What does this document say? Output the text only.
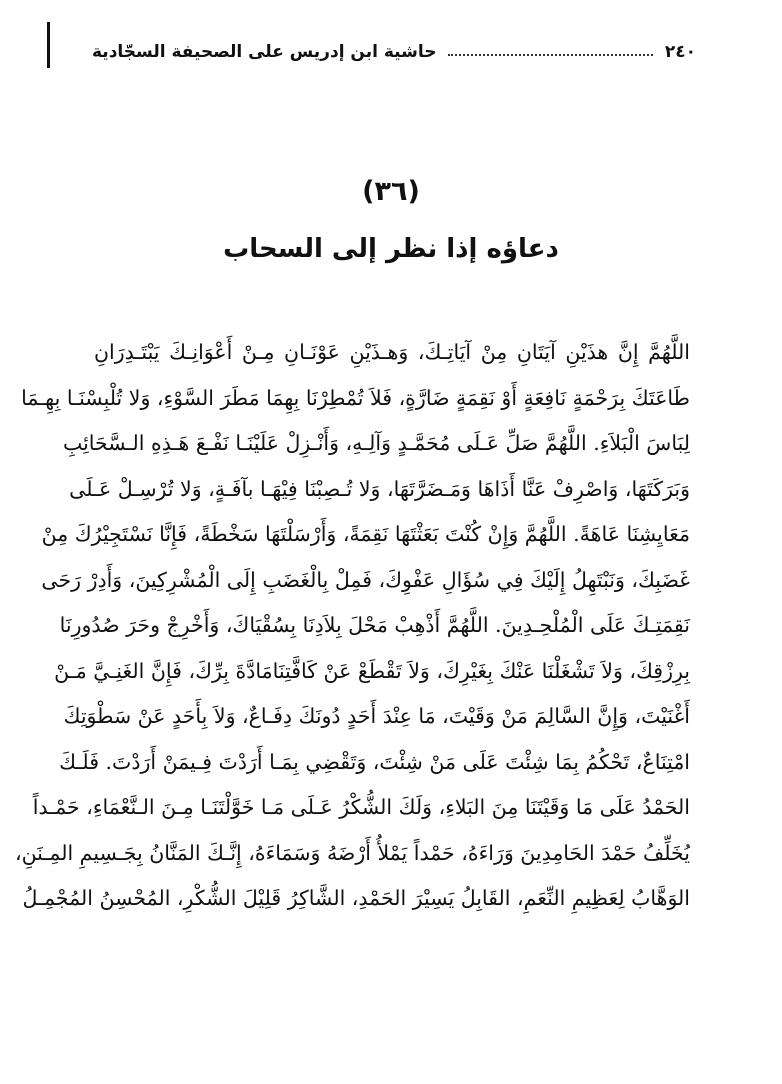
٢٤٠
حاشية ابن إدريس على الصحيفة السجّادية
(٣٦)
دعاؤه إذا نظر إلى السحاب
اللَّهُمَّ إِنَّ هذَيْنِ آيَتَانِ مِنْ آيَاتِـكَ، وَهـذَيْنِ عَوْنَـانِ مِـنْ أَعْوَانِـكَ يَبْتَـدِرَانِ
طَاعَتَكَ بِرَحْمَةٍ نَافِعَةٍ أَوْ نَقِمَةٍ ضَارَّةٍ، فَلاَ تُمْطِرْنَا بِهِمَا مَطَرَ السَّوْءِ، وَلا تُلْبِسْنَـا بِهِـمَا
لِبَاسَ الْبَلاَءِ. اللَّهُمَّ صَلِّ عَـلَى مُحَمَّـدٍ وَآلِـهِ، وَأَنْـزِلْ عَلَيْنَـا نَفْـعَ هَـذِهِ الـسَّحَائِبِ
وَبَرَكَتَهَا، وَاصْرِفْ عَنَّا أَذَاهَا وَمَـضَرَّتَهَا، وَلا تُـصِبْنَا فِيْهَـا بآفَـةٍ، وَلا تُرْسِـلْ عَـلَى
مَعَايِشِنَا عَاهَةً. اللَّهُمَّ وَإِنْ كُنْتَ بَعَثْتَهَا نَقِمَةً، وَأَرْسَلْتَهَا سَخْطَةً، فَإِنَّا نَسْتَجِيْرُكَ مِنْ
غَضَبِكَ، وَنَبْتَهِلُ إِلَيْكَ فِي سُؤَالِ عَفْوِكَ، فَمِلْ بِالْغَضَبِ إِلَى الْمُشْرِكِينَ، وَأَدِرْ رَحَى
نَقِمَتِـكَ عَلَى الْمُلْحِـدِينَ. اللَّهُمَّ أَذْهِبْ مَحْلَ بِلاَدِنَا بِسُقْيَاكَ، وَأَخْرِجْ وحَرَ صُدُورِنَا
بِرِزْقِكَ، وَلاَ تَشْغَلْنَا عَنْكَ بِغَيْرِكَ، وَلاَ تَقْطَعْ عَنْ كَافَّتِنَامَادَّةَ بِرِّكَ، فَإِنَّ الغَنِـيَّ مَـنْ
أَغْنَيْتَ، وَإِنَّ السَّالِمَ مَنْ وَقَيْتَ، مَا عِنْدَ أَحَدٍ دُونَكَ دِفَـاعٌ، وَلاَ بِأَحَدٍ عَنْ سَطْوَتِكَ
امْتِنَاعٌ، تَحْكُمُ بِمَا شِئْتَ عَلَى مَنْ شِئْتَ، وَتَقْضِي بِمَـا أَرَدْتَ فِـيمَنْ أَرَدْتَ. فَلَـكَ
الحَمْدُ عَلَى مَا وَقَيْتَنَا مِنَ البَلاءِ، وَلَكَ الشُّكْرُ عَـلَى مَـا خَوَّلْتَنَـا مِـنَ الـنَّعْمَاءِ، حَمْـداً
يُخَلِّفُ حَمْدَ الحَامِدِينَ وَرَاءَهُ، حَمْداً يَمْلأُ أَرْضَهُ وَسَمَاءَهُ، إِنَّـكَ المَنَّانُ بِجَـسِيمِ المِـنَنِ،
الوَهَّابُ لِعَظِيمِ النِّعَمِ، القَابِلُ يَسِيْرَ الحَمْدِ، الشَّاكِرُ قَلِيْلَ الشُّكْرِ، المُحْسِنُ المُجْمِـلُ
